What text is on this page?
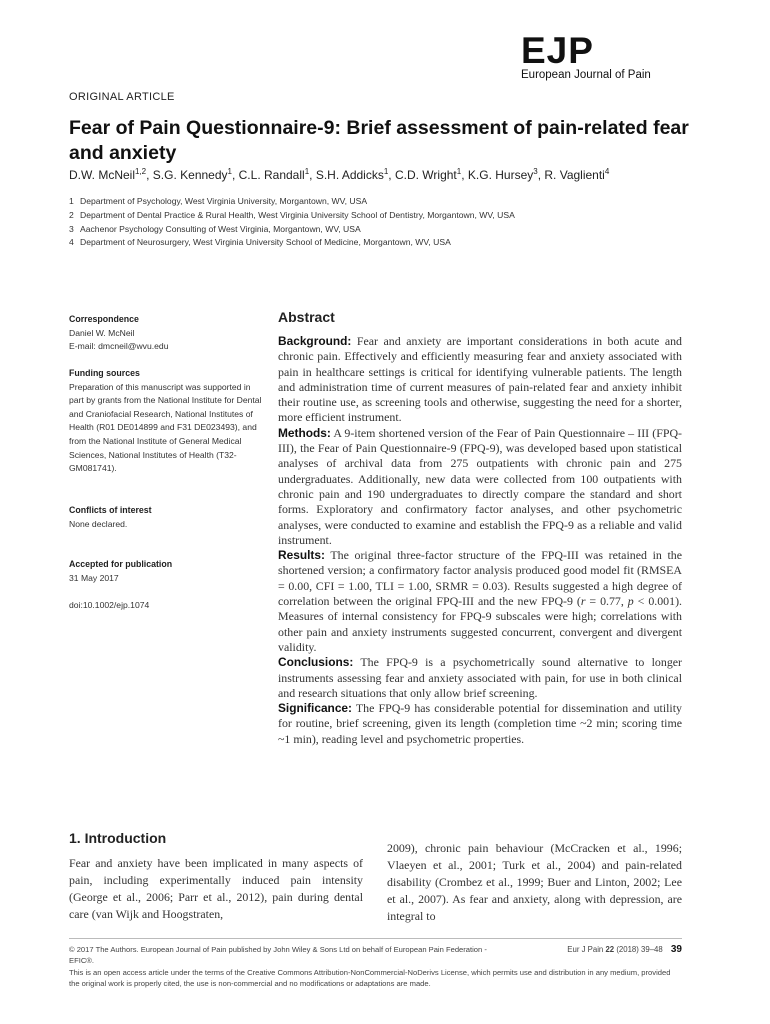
EJP
European Journal of Pain
ORIGINAL ARTICLE
Fear of Pain Questionnaire-9: Brief assessment of pain-related fear and anxiety
D.W. McNeil$^{1,2}$, S.G. Kennedy$^1$, C.L. Randall$^1$, S.H. Addicks$^1$, C.D. Wright$^1$, K.G. Hursey$^3$, R. Vaglienti$^4$
1 Department of Psychology, West Virginia University, Morgantown, WV, USA
2 Department of Dental Practice & Rural Health, West Virginia University School of Dentistry, Morgantown, WV, USA
3 Aachenor Psychology Consulting of West Virginia, Morgantown, WV, USA
4 Department of Neurosurgery, West Virginia University School of Medicine, Morgantown, WV, USA
Correspondence
Daniel W. McNeil
E-mail: dmcneil@wvu.edu
Funding sources
Preparation of this manuscript was supported in part by grants from the National Institute for Dental and Craniofacial Research, National Institutes of Health (R01 DE014899 and F31 DE023493), and from the National Institute of General Medical Sciences, National Institutes of Health (T32-GM081741).
Conflicts of interest
None declared.
Accepted for publication
31 May 2017
doi:10.1002/ejp.1074
Abstract

Background: Fear and anxiety are important considerations in both acute and chronic pain. Effectively and efficiently measuring fear and anxiety associated with pain in healthcare settings is critical for identifying vulnerable patients. The length and administration time of current measures of pain-related fear and anxiety inhibit their routine use, as screening tools and otherwise, suggesting the need for a shorter, more efficient instrument.

Methods: A 9-item shortened version of the Fear of Pain Questionnaire – III (FPQ-III), the Fear of Pain Questionnaire-9 (FPQ-9), was developed based upon statistical analyses of archival data from 275 outpatients with chronic pain and 275 undergraduates. Additionally, new data were collected from 100 outpatients with chronic pain and 190 undergraduates to directly compare the standard and short forms. Exploratory and confirmatory factor analyses, and other psychometric analyses, were conducted to examine and establish the FPQ-9 as a reliable and valid instrument.

Results: The original three-factor structure of the FPQ-III was retained in the shortened version; a confirmatory factor analysis produced good model fit (RMSEA = 0.00, CFI = 1.00, TLI = 1.00, SRMR = 0.03). Results suggested a high degree of correlation between the original FPQ-III and the new FPQ-9 (r = 0.77, p < 0.001). Measures of internal consistency for FPQ-9 subscales were high; correlations with other pain and anxiety instruments suggested concurrent, convergent and divergent validity.

Conclusions: The FPQ-9 is a psychometrically sound alternative to longer instruments assessing fear and anxiety associated with pain, for use in both clinical and research situations that only allow brief screening.

Significance: The FPQ-9 has considerable potential for dissemination and utility for routine, brief screening, given its length (completion time ~2 min; scoring time ~1 min), reading level and psychometric properties.

1. Introduction

Fear and anxiety have been implicated in many aspects of pain, including experimentally induced pain intensity (George et al., 2006; Parr et al., 2012), pain during dental care (van Wijk and Hoogstraten,

2009), chronic pain behaviour (McCracken et al., 1996; Vlaeyen et al., 2001; Turk et al., 2004) and pain-related disability (Crombez et al., 1999; Buer and Linton, 2002; Lee et al., 2007). As fear and anxiety, along with depression, are integral to

© 2017 The Authors. European Journal of Pain published by John Wiley & Sons Ltd on behalf of European Pain Federation - EFIC®.
Eur J Pain 22 (2018) 39–48 39
This is an open access article under the terms of the Creative Commons Attribution-NonCommercial-NoDerivs License, which permits use and distribution in any medium, provided the original work is properly cited, the use is non-commercial and no modifications or adaptations are made.
